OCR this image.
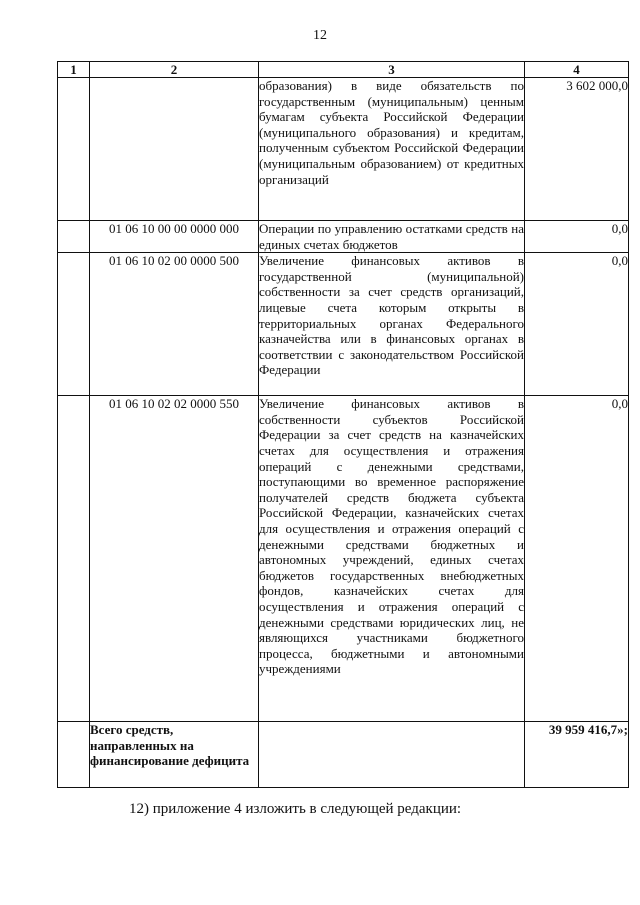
12
1	2	3	4
		образования) в виде обязательств по государственным (муниципальным) ценным бумагам субъекта Российской Федерации (муниципального образования) и кредитам, полученным субъектом Российской Федерации (муниципальным образованием) от кредитных организаций	3 602 000,0
	01 06 10 00 00 0000 000	Операции по управлению остатками средств на единых счетах бюджетов	0,0
	01 06 10 02 00 0000 500	Увеличение финансовых активов в государственной (муниципальной) собственности за счет средств организаций, лицевые счета которым открыты в территориальных органах Федерального казначейства или в финансовых органах в соответствии с законодательством Российской Федерации	0,0
	01 06 10 02 02 0000 550	Увеличение финансовых активов в собственности субъектов Российской Федерации за счет средств на казначейских счетах для осуществления и отражения операций с денежными средствами, поступающими во временное распоряжение получателей средств бюджета субъекта Российской Федерации, казначейских счетах для осуществления и отражения операций с денежными средствами бюджетных и автономных учреждений, единых счетах бюджетов государственных внебюджетных фондов, казначейских счетах для осуществления и отражения операций с денежными средствами юридических лиц, не являющихся участниками бюджетного процесса, бюджетными и автономными учреждениями	0,0
	Всего средств, направленных на финансирование дефицита		39 959 416,7»;
12) приложение 4 изложить в следующей редакции:
